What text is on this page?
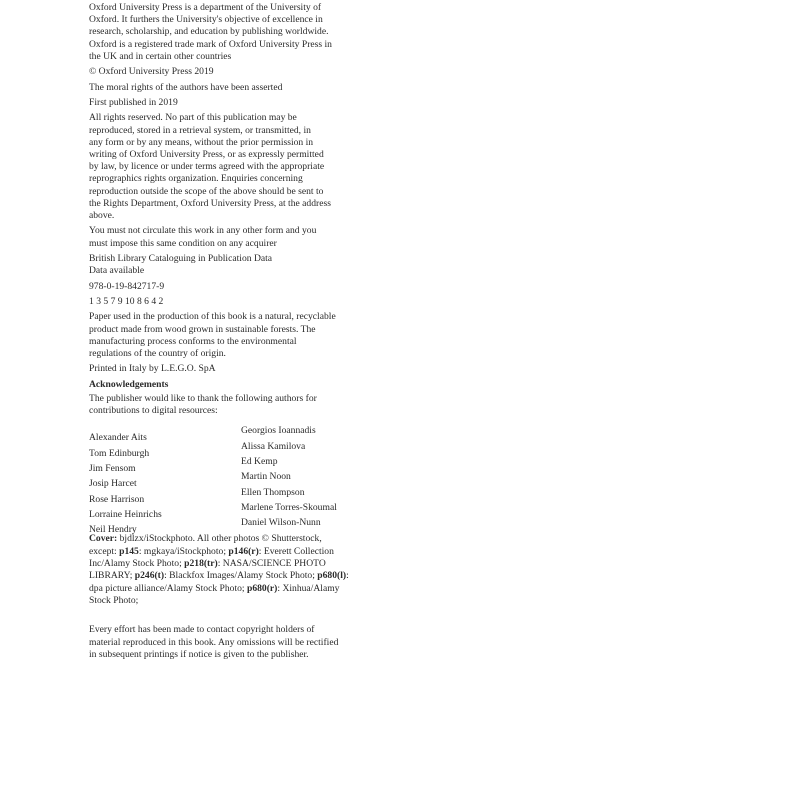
Oxford University Press is a department of the University of
Oxford. It furthers the University's objective of excellence in
research, scholarship, and education by publishing worldwide.
Oxford is a registered trade mark of Oxford University Press in
the UK and in certain other countries

© Oxford University Press 2019

The moral rights of the authors have been asserted

First published in 2019

All rights reserved. No part of this publication may be
reproduced, stored in a retrieval system, or transmitted, in
any form or by any means, without the prior permission in
writing of Oxford University Press, or as expressly permitted
by law, by licence or under terms agreed with the appropriate
reprographics rights organization. Enquiries concerning
reproduction outside the scope of the above should be sent to
the Rights Department, Oxford University Press, at the address
above.

You must not circulate this work in any other form and you
must impose this same condition on any acquirer

British Library Cataloguing in Publication Data
Data available

978-0-19-842717-9

1 3 5 7 9 10 8 6 4 2

Paper used in the production of this book is a natural, recyclable
product made from wood grown in sustainable forests. The
manufacturing process conforms to the environmental
regulations of the country of origin.

Printed in Italy by L.E.G.O. SpA

Acknowledgements

The publisher would like to thank the following authors for
contributions to digital resources:

Alexander Aits
Tom Edinburgh
Jim Fensom
Josip Harcet
Rose Harrison
Lorraine Heinrichs
Neil Hendry
Georgios Ioannadis
Alissa Kamilova
Ed Kemp
Martin Noon
Ellen Thompson
Marlene Torres-Skoumal
Daniel Wilson-Nunn

Cover: bjdlzx/iStockphoto. All other photos © Shutterstock,
except: p145: mgkaya/iStockphoto; p146(r): Everett Collection
Inc/Alamy Stock Photo; p218(tr): NASA/SCIENCE PHOTO
LIBRARY; p246(t): Blackfox Images/Alamy Stock Photo; p680(l):
dpa picture alliance/Alamy Stock Photo; p680(r): Xinhua/Alamy
Stock Photo;

Every effort has been made to contact copyright holders of
material reproduced in this book. Any omissions will be rectified
in subsequent printings if notice is given to the publisher.
